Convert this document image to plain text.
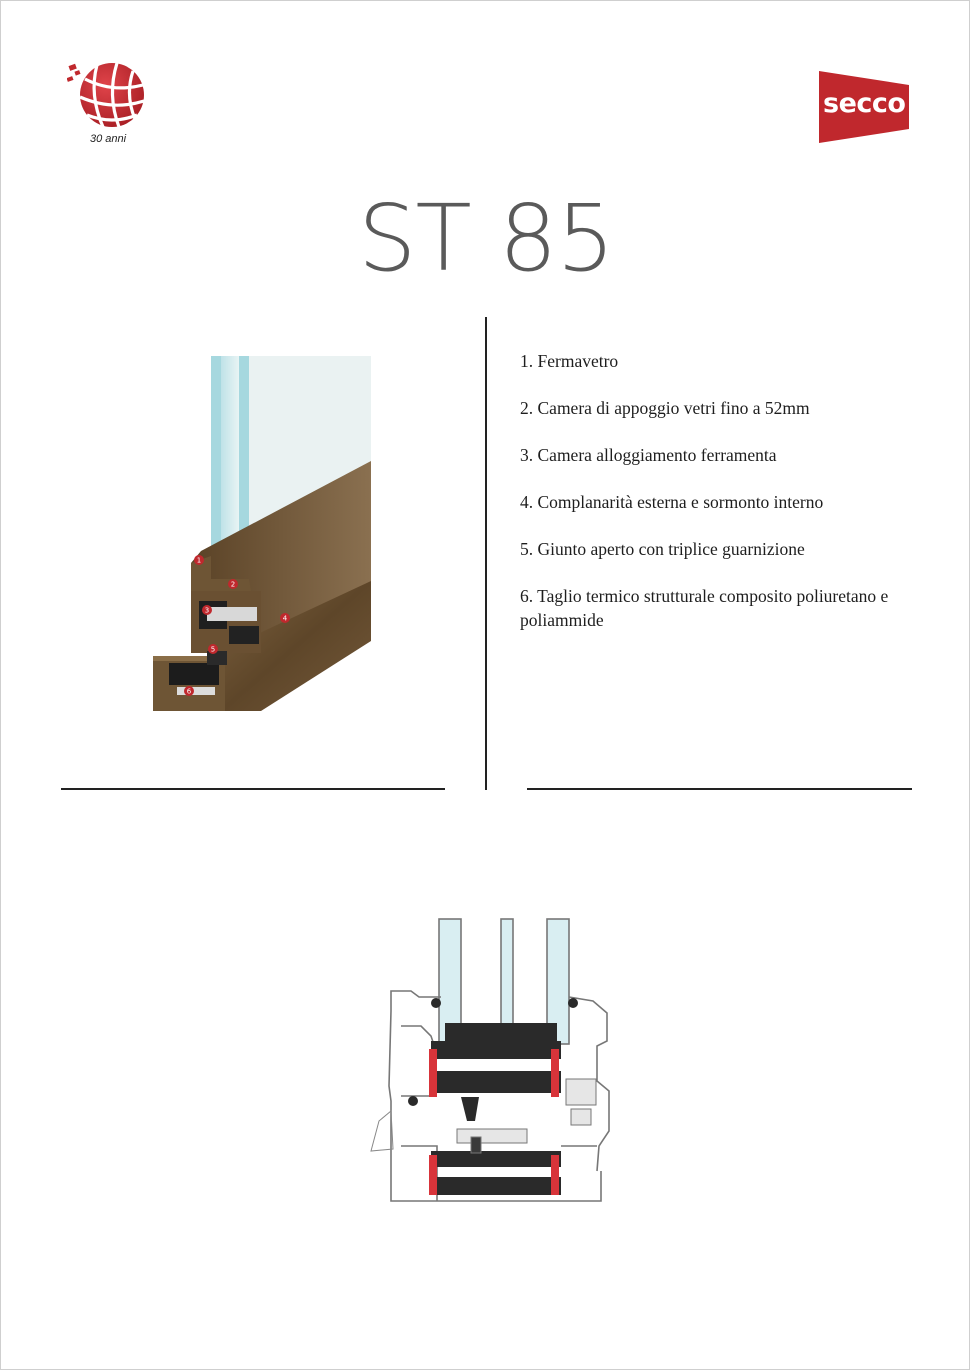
30 anni
secco
ST 85
1
2
3
4
5
6
1. Fermavetro
2. Camera di appoggio vetri fino a 52mm
3. Camera alloggiamento ferramenta
4. Complanarità esterna e sormonto interno
5. Giunto aperto con triplice guarnizione
6. Taglio termico strutturale composito poliuretano e poliammide
